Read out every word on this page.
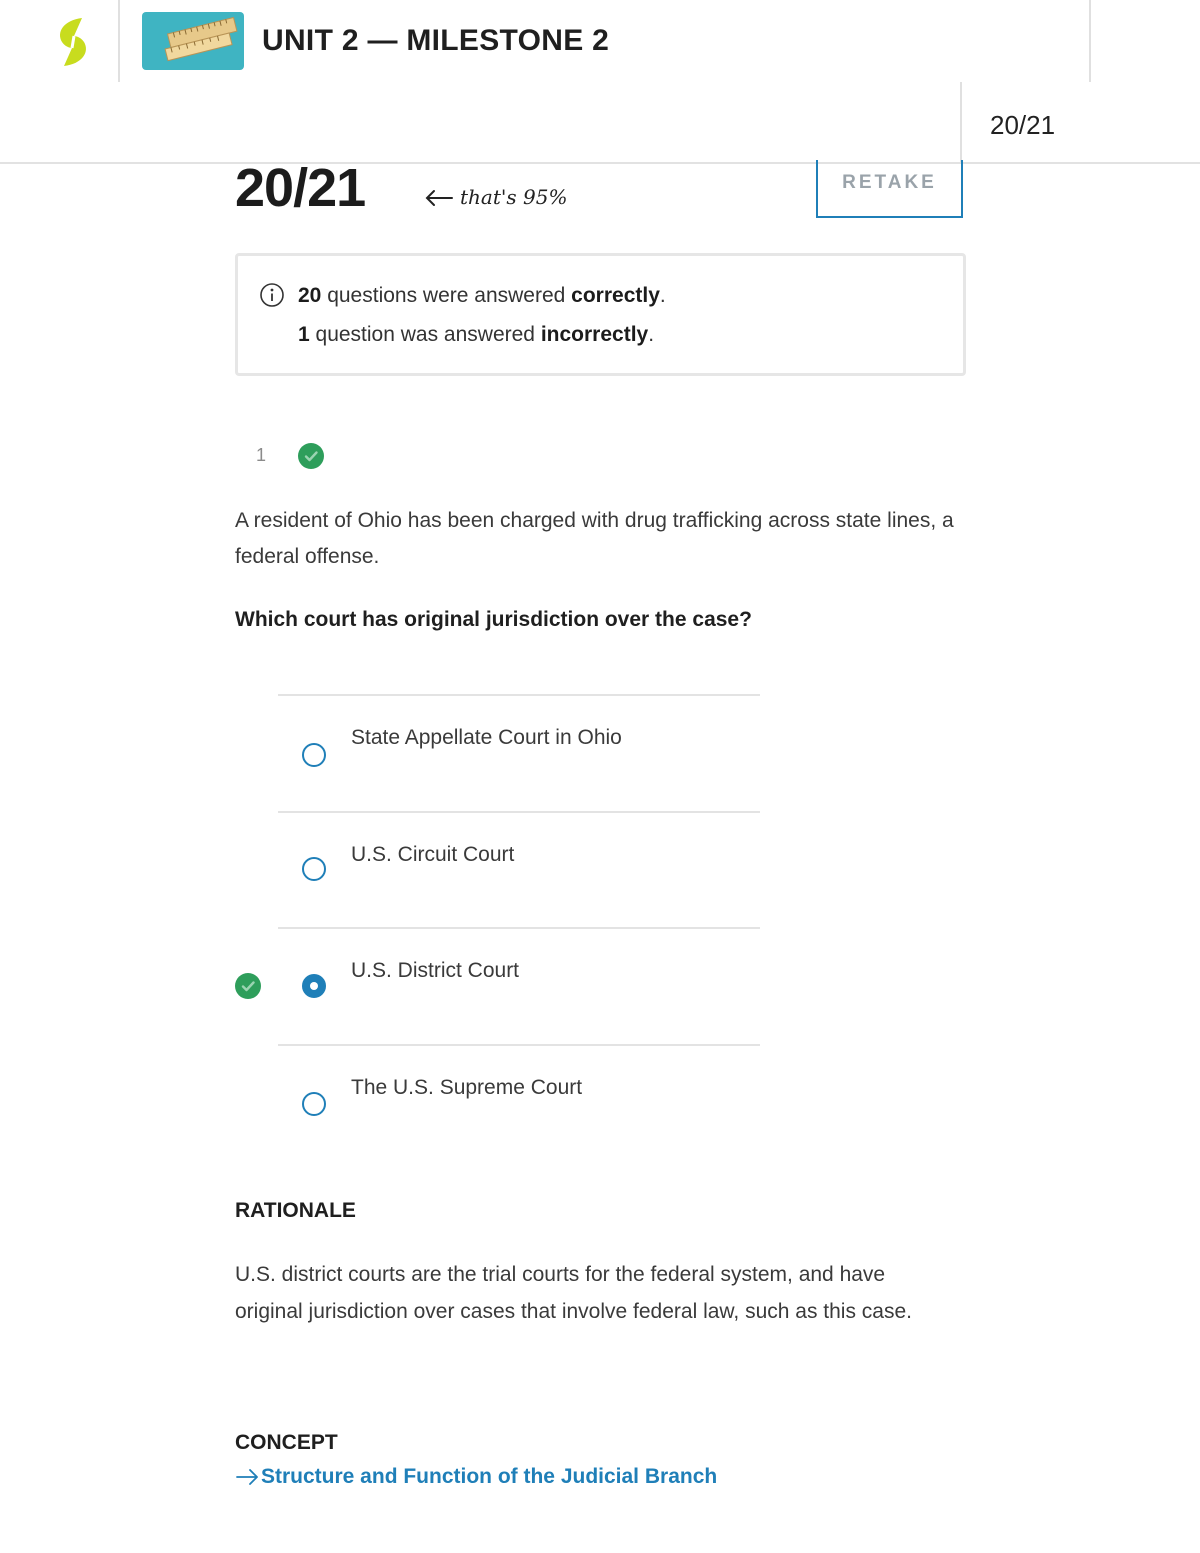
UNIT 2 — MILESTONE 2
20/21
20/21	that's 95%
RETAKE
20 questions were answered correctly.
1 question was answered incorrectly.
1
A resident of Ohio has been charged with drug trafficking across state lines, a federal offense.
Which court has original jurisdiction over the case?
State Appellate Court in Ohio
U.S. Circuit Court
U.S. District Court
The U.S. Supreme Court
RATIONALE
U.S. district courts are the trial courts for the federal system, and have original jurisdiction over cases that involve federal law, such as this case.
CONCEPT
Structure and Function of the Judicial Branch
